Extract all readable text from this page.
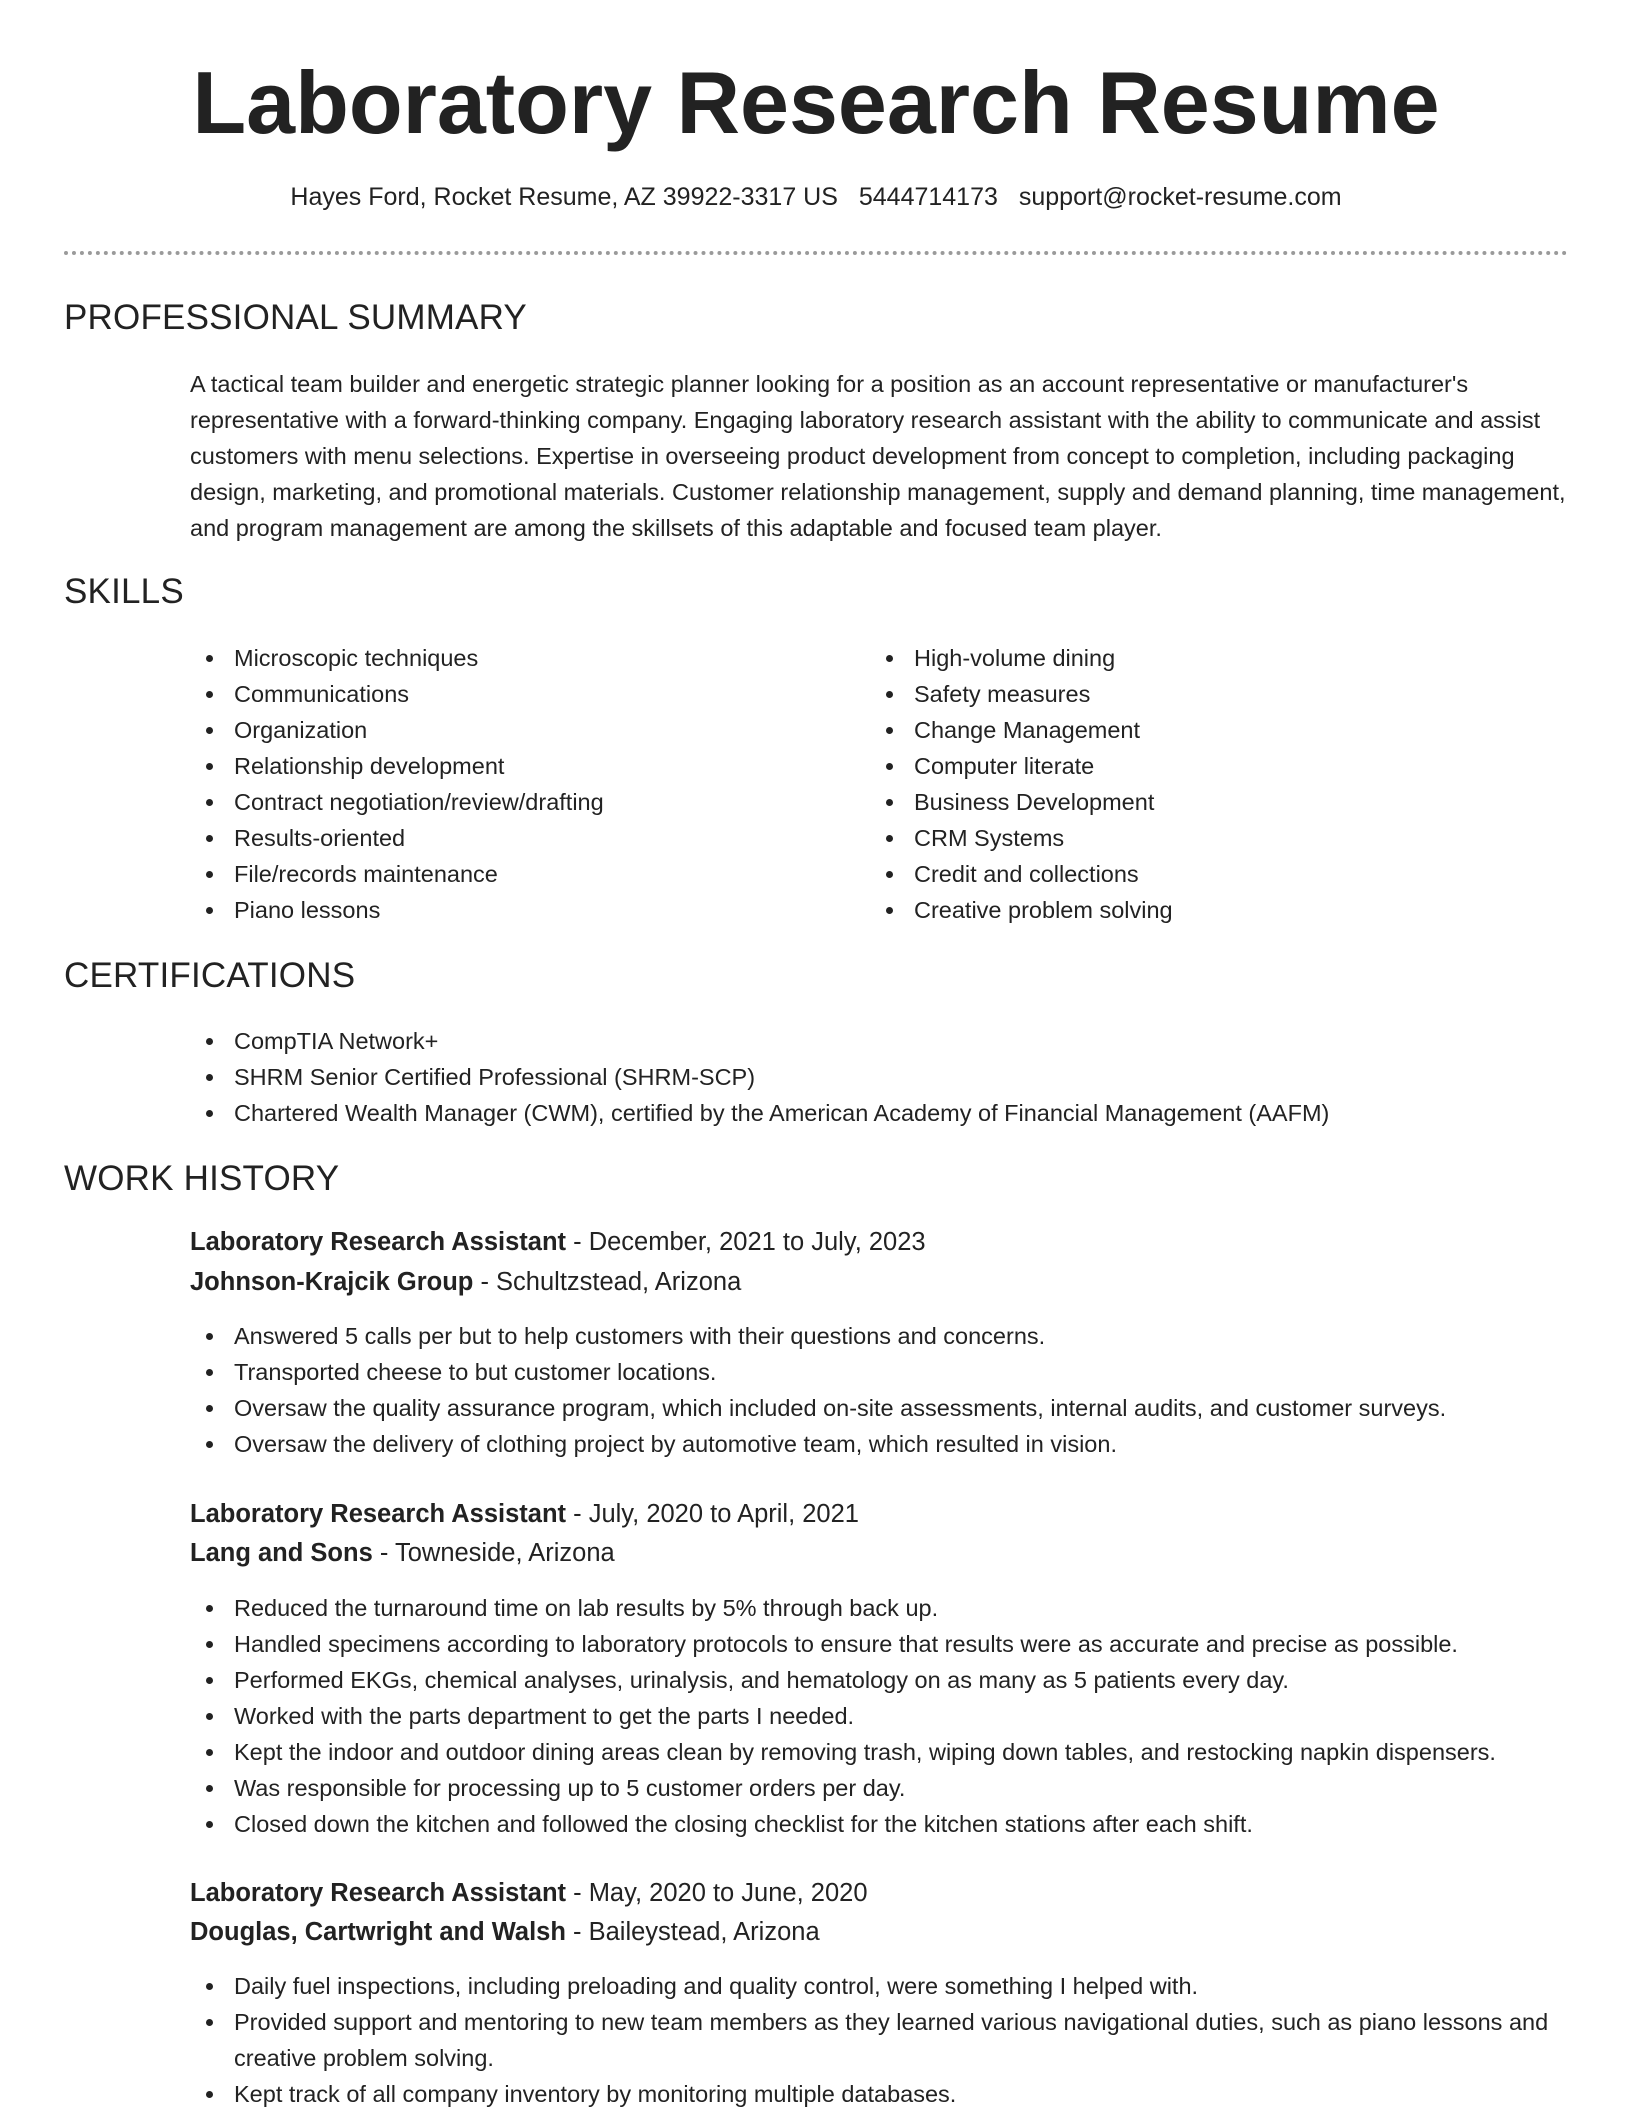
Laboratory Research Resume
Hayes Ford, Rocket Resume, AZ 39922-3317 US 5444714173 support@rocket-resume.com
PROFESSIONAL SUMMARY

A tactical team builder and energetic strategic planner looking for a position as an account representative or manufacturer's representative with a forward-thinking company. Engaging laboratory research assistant with the ability to communicate and assist customers with menu selections. Expertise in overseeing product development from concept to completion, including packaging design, marketing, and promotional materials. Customer relationship management, supply and demand planning, time management, and program management are among the skillsets of this adaptable and focused team player.

SKILLS
Microscopic techniques
Communications
Organization
Relationship development
Contract negotiation/review/drafting
Results-oriented
File/records maintenance
Piano lessons
High-volume dining
Safety measures
Change Management
Computer literate
Business Development
CRM Systems
Credit and collections
Creative problem solving
CERTIFICATIONS
CompTIA Network+
SHRM Senior Certified Professional (SHRM-SCP)
Chartered Wealth Manager (CWM), certified by the American Academy of Financial Management (AAFM)
WORK HISTORY
Laboratory Research Assistant - December, 2021 to July, 2023
Johnson-Krajcik Group - Schultzstead, Arizona
Answered 5 calls per but to help customers with their questions and concerns.
Transported cheese to but customer locations.
Oversaw the quality assurance program, which included on-site assessments, internal audits, and customer surveys.
Oversaw the delivery of clothing project by automotive team, which resulted in vision.
Laboratory Research Assistant - July, 2020 to April, 2021
Lang and Sons - Towneside, Arizona
Reduced the turnaround time on lab results by 5% through back up.
Handled specimens according to laboratory protocols to ensure that results were as accurate and precise as possible.
Performed EKGs, chemical analyses, urinalysis, and hematology on as many as 5 patients every day.
Worked with the parts department to get the parts I needed.
Kept the indoor and outdoor dining areas clean by removing trash, wiping down tables, and restocking napkin dispensers.
Was responsible for processing up to 5 customer orders per day.
Closed down the kitchen and followed the closing checklist for the kitchen stations after each shift.
Laboratory Research Assistant - May, 2020 to June, 2020
Douglas, Cartwright and Walsh - Baileystead, Arizona
Daily fuel inspections, including preloading and quality control, were something I helped with.
Provided support and mentoring to new team members as they learned various navigational duties, such as piano lessons and creative problem solving.
Kept track of all company inventory by monitoring multiple databases.
